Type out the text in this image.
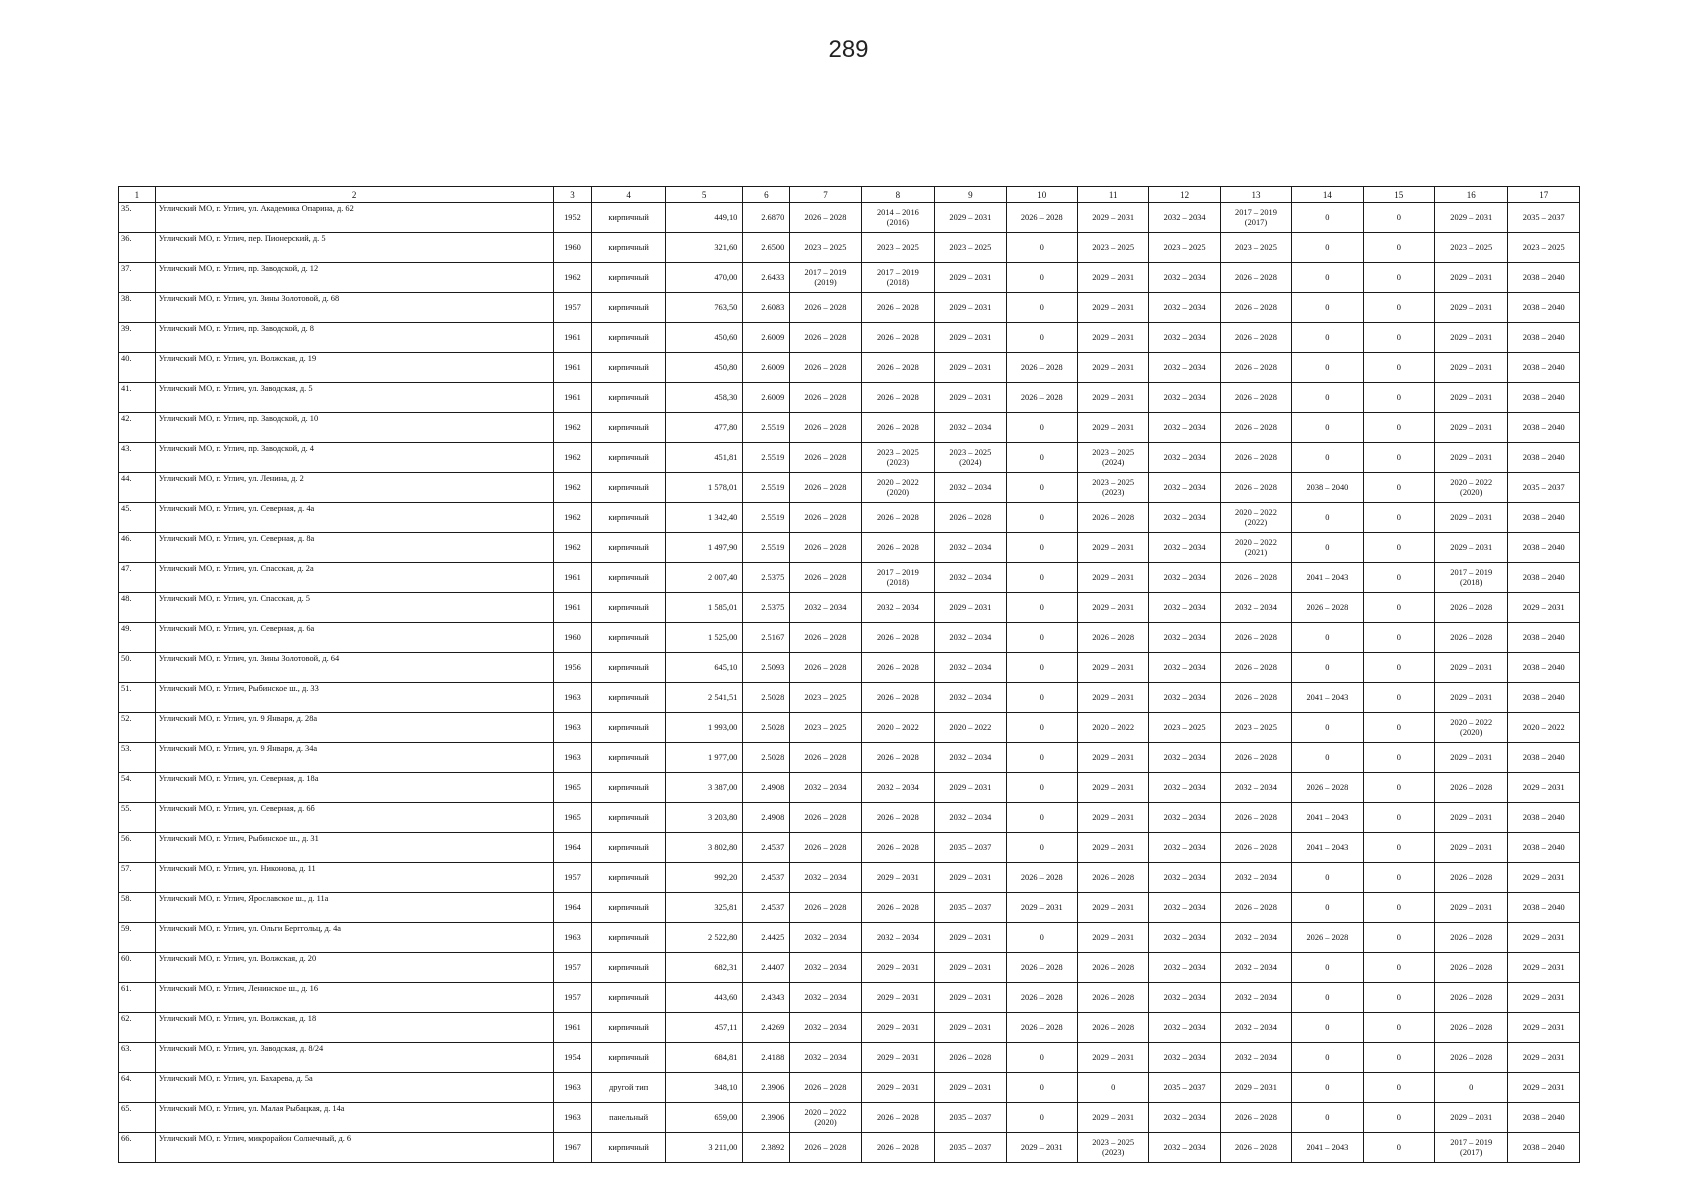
289
1	2	3	4	5	6	7	8	9	10	11	12	13	14	15	16	17
35.	Угличский МО, г. Углич, ул. Академика Опарина, д. 62	1952	кирпичный	449,10	2.6870	2026 – 2028	2014 – 2016
(2016)	2029 – 2031	2026 – 2028	2029 – 2031	2032 – 2034	2017 – 2019
(2017)	0	0	2029 – 2031	2035 – 2037
36.	Угличский МО, г. Углич, пер. Пионерский, д. 5	1960	кирпичный	321,60	2.6500	2023 – 2025	2023 – 2025	2023 – 2025	0	2023 – 2025	2023 – 2025	2023 – 2025	0	0	2023 – 2025	2023 – 2025
37.	Угличский МО, г. Углич, пр. Заводской, д. 12	1962	кирпичный	470,00	2.6433	2017 – 2019
(2019)	2017 – 2019
(2018)	2029 – 2031	0	2029 – 2031	2032 – 2034	2026 – 2028	0	0	2029 – 2031	2038 – 2040
38.	Угличский МО, г. Углич, ул. Зины Золотовой, д. 68	1957	кирпичный	763,50	2.6083	2026 – 2028	2026 – 2028	2029 – 2031	0	2029 – 2031	2032 – 2034	2026 – 2028	0	0	2029 – 2031	2038 – 2040
39.	Угличский МО, г. Углич, пр. Заводской, д. 8	1961	кирпичный	450,60	2.6009	2026 – 2028	2026 – 2028	2029 – 2031	0	2029 – 2031	2032 – 2034	2026 – 2028	0	0	2029 – 2031	2038 – 2040
40.	Угличский МО, г. Углич, ул. Волжская, д. 19	1961	кирпичный	450,80	2.6009	2026 – 2028	2026 – 2028	2029 – 2031	2026 – 2028	2029 – 2031	2032 – 2034	2026 – 2028	0	0	2029 – 2031	2038 – 2040
41.	Угличский МО, г. Углич, ул. Заводская, д. 5	1961	кирпичный	458,30	2.6009	2026 – 2028	2026 – 2028	2029 – 2031	2026 – 2028	2029 – 2031	2032 – 2034	2026 – 2028	0	0	2029 – 2031	2038 – 2040
42.	Угличский МО, г. Углич, пр. Заводской, д. 10	1962	кирпичный	477,80	2.5519	2026 – 2028	2026 – 2028	2032 – 2034	0	2029 – 2031	2032 – 2034	2026 – 2028	0	0	2029 – 2031	2038 – 2040
43.	Угличский МО, г. Углич, пр. Заводской, д. 4	1962	кирпичный	451,81	2.5519	2026 – 2028	2023 – 2025
(2023)	2023 – 2025
(2024)	0	2023 – 2025
(2024)	2032 – 2034	2026 – 2028	0	0	2029 – 2031	2038 – 2040
44.	Угличский МО, г. Углич, ул. Ленина, д. 2	1962	кирпичный	1 578,01	2.5519	2026 – 2028	2020 – 2022
(2020)	2032 – 2034	0	2023 – 2025
(2023)	2032 – 2034	2026 – 2028	2038 – 2040	0	2020 – 2022
(2020)	2035 – 2037
45.	Угличский МО, г. Углич, ул. Северная, д. 4а	1962	кирпичный	1 342,40	2.5519	2026 – 2028	2026 – 2028	2026 – 2028	0	2026 – 2028	2032 – 2034	2020 – 2022
(2022)	0	0	2029 – 2031	2038 – 2040
46.	Угличский МО, г. Углич, ул. Северная, д. 8а	1962	кирпичный	1 497,90	2.5519	2026 – 2028	2026 – 2028	2032 – 2034	0	2029 – 2031	2032 – 2034	2020 – 2022
(2021)	0	0	2029 – 2031	2038 – 2040
47.	Угличский МО, г. Углич, ул. Спасская, д. 2а	1961	кирпичный	2 007,40	2.5375	2026 – 2028	2017 – 2019
(2018)	2032 – 2034	0	2029 – 2031	2032 – 2034	2026 – 2028	2041 – 2043	0	2017 – 2019
(2018)	2038 – 2040
48.	Угличский МО, г. Углич, ул. Спасская, д. 5	1961	кирпичный	1 585,01	2.5375	2032 – 2034	2032 – 2034	2029 – 2031	0	2029 – 2031	2032 – 2034	2032 – 2034	2026 – 2028	0	2026 – 2028	2029 – 2031
49.	Угличский МО, г. Углич, ул. Северная, д. 6а	1960	кирпичный	1 525,00	2.5167	2026 – 2028	2026 – 2028	2032 – 2034	0	2026 – 2028	2032 – 2034	2026 – 2028	0	0	2026 – 2028	2038 – 2040
50.	Угличский МО, г. Углич, ул. Зины Золотовой, д. 64	1956	кирпичный	645,10	2.5093	2026 – 2028	2026 – 2028	2032 – 2034	0	2029 – 2031	2032 – 2034	2026 – 2028	0	0	2029 – 2031	2038 – 2040
51.	Угличский МО, г. Углич, Рыбинское ш., д. 33	1963	кирпичный	2 541,51	2.5028	2023 – 2025	2026 – 2028	2032 – 2034	0	2029 – 2031	2032 – 2034	2026 – 2028	2041 – 2043	0	2029 – 2031	2038 – 2040
52.	Угличский МО, г. Углич, ул. 9 Января, д. 28а	1963	кирпичный	1 993,00	2.5028	2023 – 2025	2020 – 2022	2020 – 2022	0	2020 – 2022	2023 – 2025	2023 – 2025	0	0	2020 – 2022
(2020)	2020 – 2022
53.	Угличский МО, г. Углич, ул. 9 Января, д. 34а	1963	кирпичный	1 977,00	2.5028	2026 – 2028	2026 – 2028	2032 – 2034	0	2029 – 2031	2032 – 2034	2026 – 2028	0	0	2029 – 2031	2038 – 2040
54.	Угличский МО, г. Углич, ул. Северная, д. 18а	1965	кирпичный	3 387,00	2.4908	2032 – 2034	2032 – 2034	2029 – 2031	0	2029 – 2031	2032 – 2034	2032 – 2034	2026 – 2028	0	2026 – 2028	2029 – 2031
55.	Угличский МО, г. Углич, ул. Северная, д. 6б	1965	кирпичный	3 203,80	2.4908	2026 – 2028	2026 – 2028	2032 – 2034	0	2029 – 2031	2032 – 2034	2026 – 2028	2041 – 2043	0	2029 – 2031	2038 – 2040
56.	Угличский МО, г. Углич, Рыбинское ш., д. 31	1964	кирпичный	3 802,80	2.4537	2026 – 2028	2026 – 2028	2035 – 2037	0	2029 – 2031	2032 – 2034	2026 – 2028	2041 – 2043	0	2029 – 2031	2038 – 2040
57.	Угличский МО, г. Углич, ул. Никонова, д. 11	1957	кирпичный	992,20	2.4537	2032 – 2034	2029 – 2031	2029 – 2031	2026 – 2028	2026 – 2028	2032 – 2034	2032 – 2034	0	0	2026 – 2028	2029 – 2031
58.	Угличский МО, г. Углич, Ярославское ш., д. 11а	1964	кирпичный	325,81	2.4537	2026 – 2028	2026 – 2028	2035 – 2037	2029 – 2031	2029 – 2031	2032 – 2034	2026 – 2028	0	0	2029 – 2031	2038 – 2040
59.	Угличский МО, г. Углич, ул. Ольги Берггольц, д. 4а	1963	кирпичный	2 522,80	2.4425	2032 – 2034	2032 – 2034	2029 – 2031	0	2029 – 2031	2032 – 2034	2032 – 2034	2026 – 2028	0	2026 – 2028	2029 – 2031
60.	Угличский МО, г. Углич, ул. Волжская, д. 20	1957	кирпичный	682,31	2.4407	2032 – 2034	2029 – 2031	2029 – 2031	2026 – 2028	2026 – 2028	2032 – 2034	2032 – 2034	0	0	2026 – 2028	2029 – 2031
61.	Угличский МО, г. Углич, Ленинское ш., д. 16	1957	кирпичный	443,60	2.4343	2032 – 2034	2029 – 2031	2029 – 2031	2026 – 2028	2026 – 2028	2032 – 2034	2032 – 2034	0	0	2026 – 2028	2029 – 2031
62.	Угличский МО, г. Углич, ул. Волжская, д. 18	1961	кирпичный	457,11	2.4269	2032 – 2034	2029 – 2031	2029 – 2031	2026 – 2028	2026 – 2028	2032 – 2034	2032 – 2034	0	0	2026 – 2028	2029 – 2031
63.	Угличский МО, г. Углич, ул. Заводская, д. 8/24	1954	кирпичный	684,81	2.4188	2032 – 2034	2029 – 2031	2026 – 2028	0	2029 – 2031	2032 – 2034	2032 – 2034	0	0	2026 – 2028	2029 – 2031
64.	Угличский МО, г. Углич, ул. Бахарева, д. 5а	1963	другой тип	348,10	2.3906	2026 – 2028	2029 – 2031	2029 – 2031	0	0	2035 – 2037	2029 – 2031	0	0	0	2029 – 2031
65.	Угличский МО, г. Углич, ул. Малая Рыбацкая, д. 14а	1963	панельный	659,00	2.3906	2020 – 2022
(2020)	2026 – 2028	2035 – 2037	0	2029 – 2031	2032 – 2034	2026 – 2028	0	0	2029 – 2031	2038 – 2040
66.	Угличский МО, г. Углич, микрорайон Солнечный, д. 6	1967	кирпичный	3 211,00	2.3892	2026 – 2028	2026 – 2028	2035 – 2037	2029 – 2031	2023 – 2025
(2023)	2032 – 2034	2026 – 2028	2041 – 2043	0	2017 – 2019
(2017)	2038 – 2040
